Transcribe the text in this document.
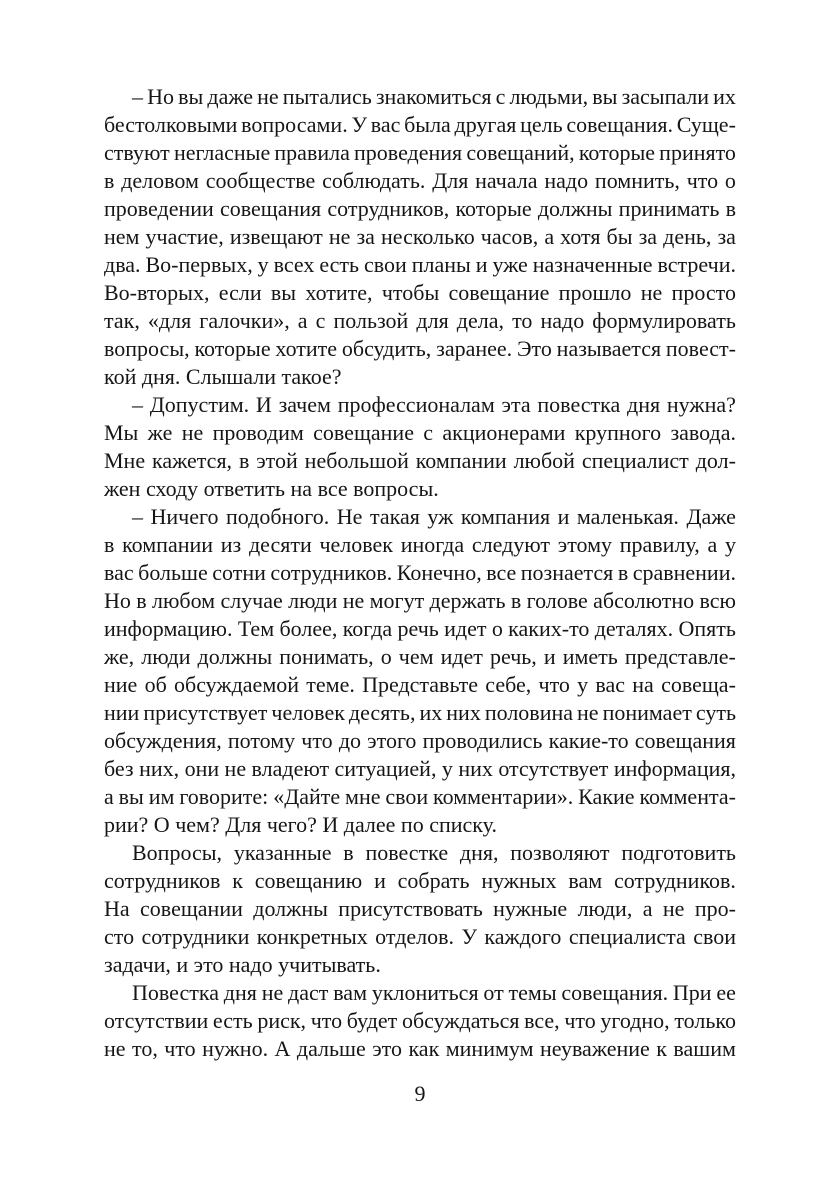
– Но вы даже не пытались знакомиться с людьми, вы засыпали их
бестолковыми вопросами. У вас была другая цель совещания. Суще-
ствуют негласные правила проведения совещаний, которые принято
в деловом сообществе соблюдать. Для начала надо помнить, что о
проведении совещания сотрудников, которые должны принимать в
нем участие, извещают не за несколько часов, а хотя бы за день, за
два. Во-первых, у всех есть свои планы и уже назначенные встречи.
Во-вторых, если вы хотите, чтобы совещание прошло не просто
так, «для галочки», а с пользой для дела, то надо формулировать
вопросы, которые хотите обсудить, заранее. Это называется повест-
кой дня. Слышали такое?
– Допустим. И зачем профессионалам эта повестка дня нужна?
Мы же не проводим совещание с акционерами крупного завода.
Мне кажется, в этой небольшой компании любой специалист дол-
жен сходу ответить на все вопросы.
– Ничего подобного. Не такая уж компания и маленькая. Даже
в компании из десяти человек иногда следуют этому правилу, а у
вас больше сотни сотрудников. Конечно, все познается в сравнении.
Но в любом случае люди не могут держать в голове абсолютно всю
информацию. Тем более, когда речь идет о каких-то деталях. Опять
же, люди должны понимать, о чем идет речь, и иметь представле-
ние об обсуждаемой теме. Представьте себе, что у вас на совеща-
нии присутствует человек десять, их них половина не понимает суть
обсуждения, потому что до этого проводились какие-то совещания
без них, они не владеют ситуацией, у них отсутствует информация,
а вы им говорите: «Дайте мне свои комментарии». Какие коммента-
рии? О чем? Для чего? И далее по списку.
Вопросы, указанные в повестке дня, позволяют подготовить
сотрудников к совещанию и собрать нужных вам сотрудников.
На совещании должны присутствовать нужные люди, а не про-
сто сотрудники конкретных отделов. У каждого специалиста свои
задачи, и это надо учитывать.
Повестка дня не даст вам уклониться от темы совещания. При ее
отсутствии есть риск, что будет обсуждаться все, что угодно, только
не то, что нужно. А дальше это как минимум неуважение к вашим
9
